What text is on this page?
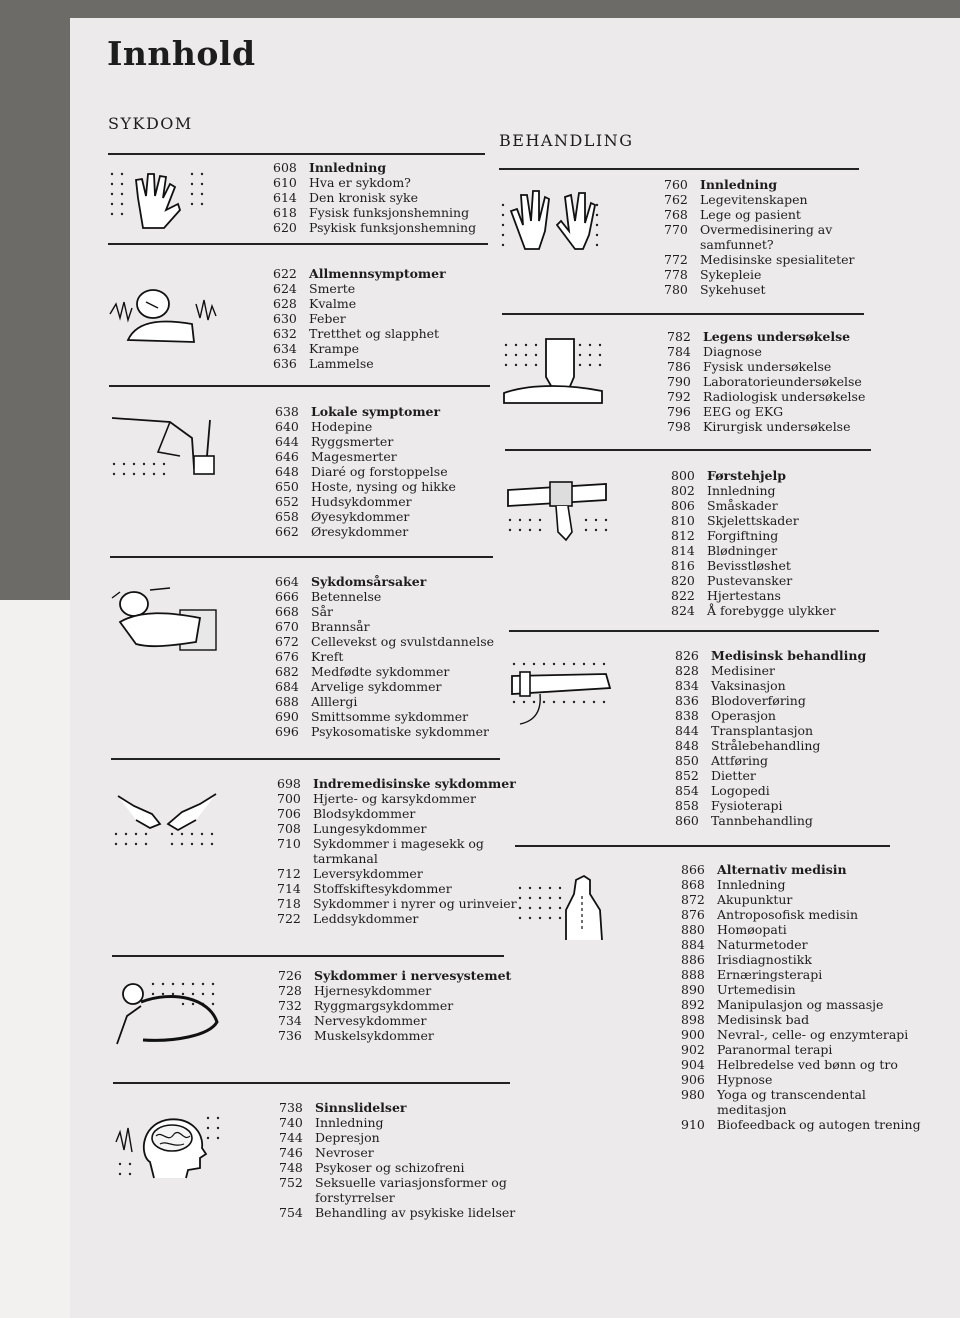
Innhold
SYKDOM
BEHANDLING
608 Innledning
610 Hva er sykdom?
614 Den kronisk syke
618 Fysisk funksjonshemning
620 Psykisk funksjonshemning
622 Allmennsymptomer
624 Smerte
628 Kvalme
630 Feber
632 Tretthet og slapphet
634 Krampe
636 Lammelse
638 Lokale symptomer
640 Hodepine
644 Ryggsmerter
646 Magesmerter
648 Diaré og forstoppelse
650 Hoste, nysing og hikke
652 Hudsykdommer
658 Øyesykdommer
662 Øresykdommer
664 Sykdomsårsaker
666 Betennelse
668 Sår
670 Brannsår
672 Cellevekst og svulstdannelse
676 Kreft
682 Medfødte sykdommer
684 Arvelige sykdommer
688 Alllergi
690 Smittsomme sykdommer
696 Psykosomatiske sykdommer
698 Indremedisinske sykdommer
700 Hjerte- og karsykdommer
706 Blodsykdommer
708 Lungesykdommer
710 Sykdommer i magesekk og
tarmkanal
712 Leversykdommer
714 Stoffskiftesykdommer
718 Sykdommer i nyrer og urinveier
722 Leddsykdommer
726 Sykdommer i nervesystemet
728 Hjernesykdommer
732 Ryggmargsykdommer
734 Nervesykdommer
736 Muskelsykdommer
738 Sinnslidelser
740 Innledning
744 Depresjon
746 Nevroser
748 Psykoser og schizofreni
752 Seksuelle variasjonsformer og
forstyrrelser
754 Behandling av psykiske lidelser
760 Innledning
762 Legevitenskapen
768 Lege og pasient
770 Overmedisinering av
samfunnet?
772 Medisinske spesialiteter
778 Sykepleie
780 Sykehuset
782 Legens undersøkelse
784 Diagnose
786 Fysisk undersøkelse
790 Laboratorieundersøkelse
792 Radiologisk undersøkelse
796 EEG og EKG
798 Kirurgisk undersøkelse
800 Førstehjelp
802 Innledning
806 Småskader
810 Skjelettskader
812 Forgiftning
814 Blødninger
816 Bevisstløshet
820 Pustevansker
822 Hjertestans
824 Å forebygge ulykker
826 Medisinsk behandling
828 Medisiner
834 Vaksinasjon
836 Blodoverføring
838 Operasjon
844 Transplantasjon
848 Strålebehandling
850 Attføring
852 Dietter
854 Logopedi
858 Fysioterapi
860 Tannbehandling
866 Alternativ medisin
868 Innledning
872 Akupunktur
876 Antroposofisk medisin
880 Homøopati
884 Naturmetoder
886 Irisdiagnostikk
888 Ernæringsterapi
890 Urtemedisin
892 Manipulasjon og massasje
898 Medisinsk bad
900 Nevral-, celle- og enzymterapi
902 Paranormal terapi
904 Helbredelse ved bønn og tro
906 Hypnose
980 Yoga og transcendental
meditasjon
910 Biofeedback og autogen trening
